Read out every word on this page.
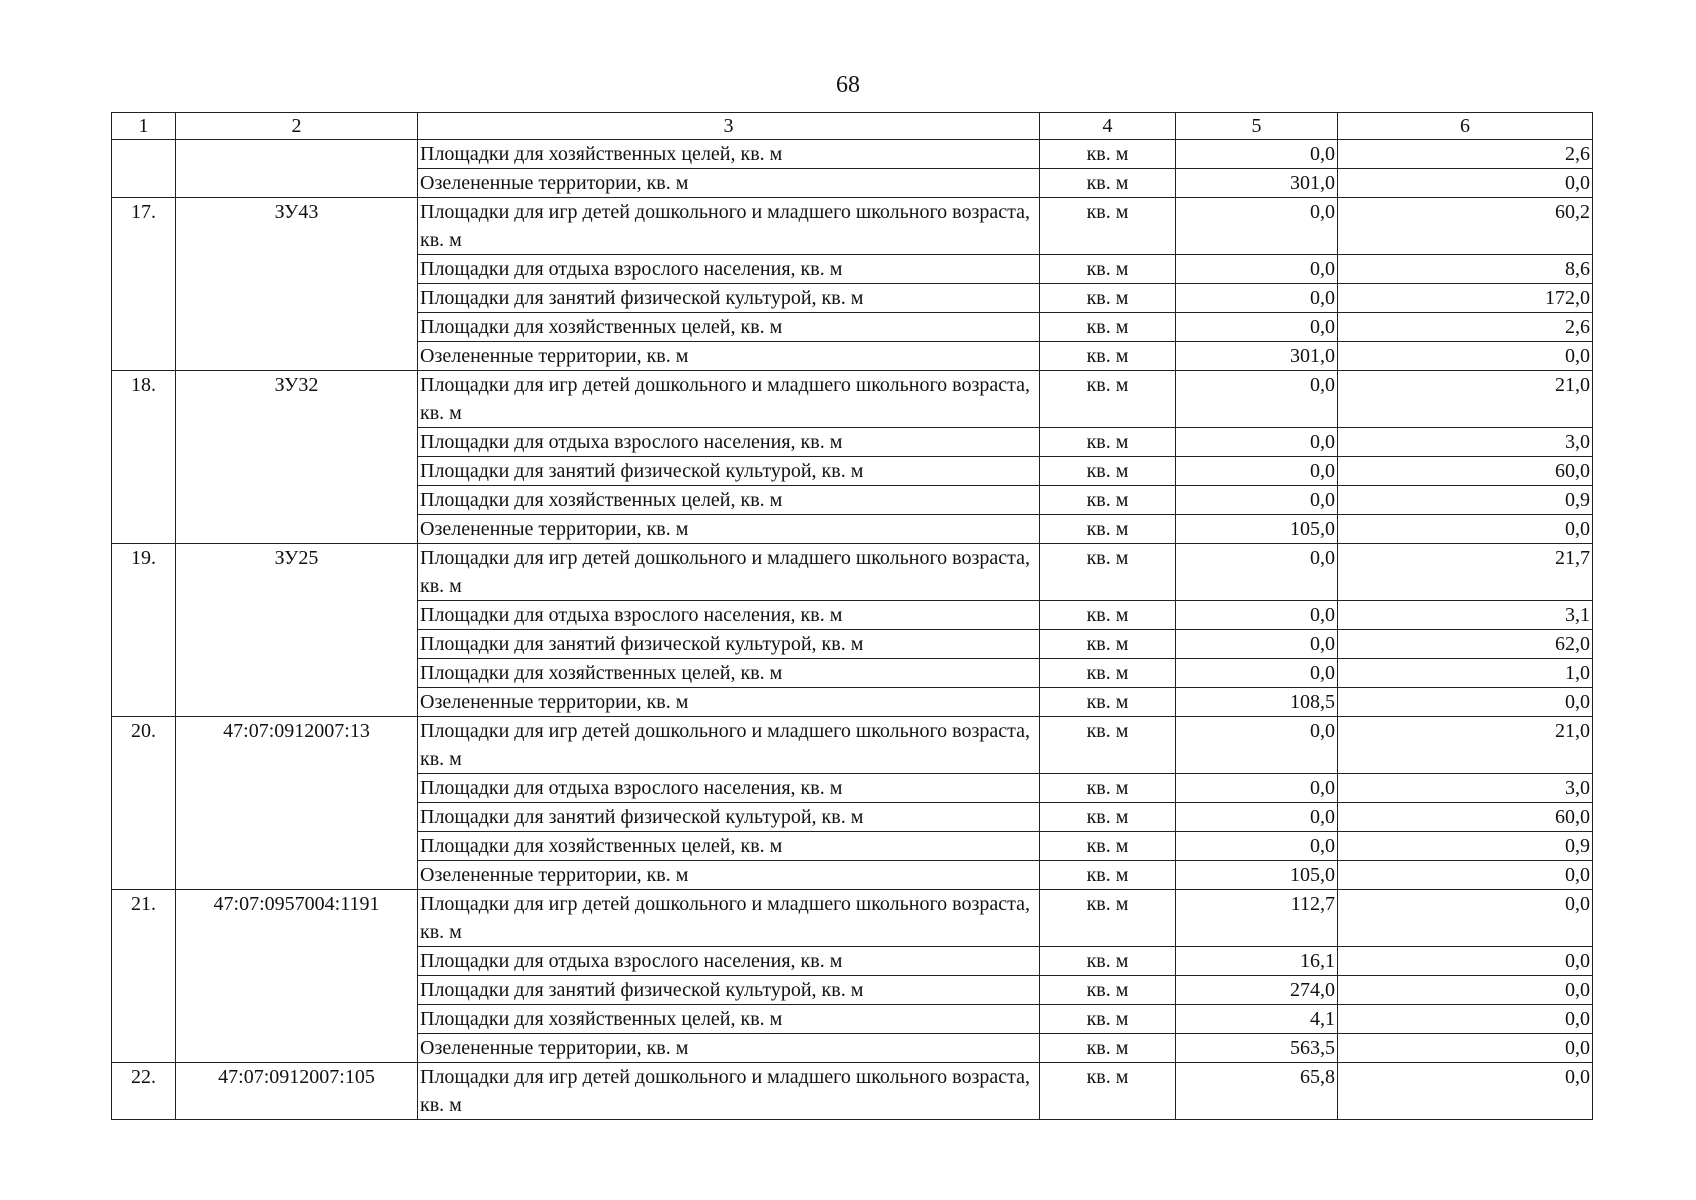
68
1	2	3	4	5	6
		Площадки для хозяйственных целей, кв. м	кв. м	0,0	2,6
		Озелененные территории, кв. м	кв. м	301,0	0,0
17.	ЗУ43	Площадки для игр детей дошкольного и младшего школьного возраста, кв. м	кв. м	0,0	60,2
		Площадки для отдыха взрослого населения, кв. м	кв. м	0,0	8,6
		Площадки для занятий физической культурой, кв. м	кв. м	0,0	172,0
		Площадки для хозяйственных целей, кв. м	кв. м	0,0	2,6
		Озелененные территории, кв. м	кв. м	301,0	0,0
18.	ЗУ32	Площадки для игр детей дошкольного и младшего школьного возраста, кв. м	кв. м	0,0	21,0
		Площадки для отдыха взрослого населения, кв. м	кв. м	0,0	3,0
		Площадки для занятий физической культурой, кв. м	кв. м	0,0	60,0
		Площадки для хозяйственных целей, кв. м	кв. м	0,0	0,9
		Озелененные территории, кв. м	кв. м	105,0	0,0
19.	ЗУ25	Площадки для игр детей дошкольного и младшего школьного возраста, кв. м	кв. м	0,0	21,7
		Площадки для отдыха взрослого населения, кв. м	кв. м	0,0	3,1
		Площадки для занятий физической культурой, кв. м	кв. м	0,0	62,0
		Площадки для хозяйственных целей, кв. м	кв. м	0,0	1,0
		Озелененные территории, кв. м	кв. м	108,5	0,0
20.	47:07:0912007:13	Площадки для игр детей дошкольного и младшего школьного возраста, кв. м	кв. м	0,0	21,0
		Площадки для отдыха взрослого населения, кв. м	кв. м	0,0	3,0
		Площадки для занятий физической культурой, кв. м	кв. м	0,0	60,0
		Площадки для хозяйственных целей, кв. м	кв. м	0,0	0,9
		Озелененные территории, кв. м	кв. м	105,0	0,0
21.	47:07:0957004:1191	Площадки для игр детей дошкольного и младшего школьного возраста, кв. м	кв. м	112,7	0,0
		Площадки для отдыха взрослого населения, кв. м	кв. м	16,1	0,0
		Площадки для занятий физической культурой, кв. м	кв. м	274,0	0,0
		Площадки для хозяйственных целей, кв. м	кв. м	4,1	0,0
		Озелененные территории, кв. м	кв. м	563,5	0,0
22.	47:07:0912007:105	Площадки для игр детей дошкольного и младшего школьного возраста, кв. м	кв. м	65,8	0,0
